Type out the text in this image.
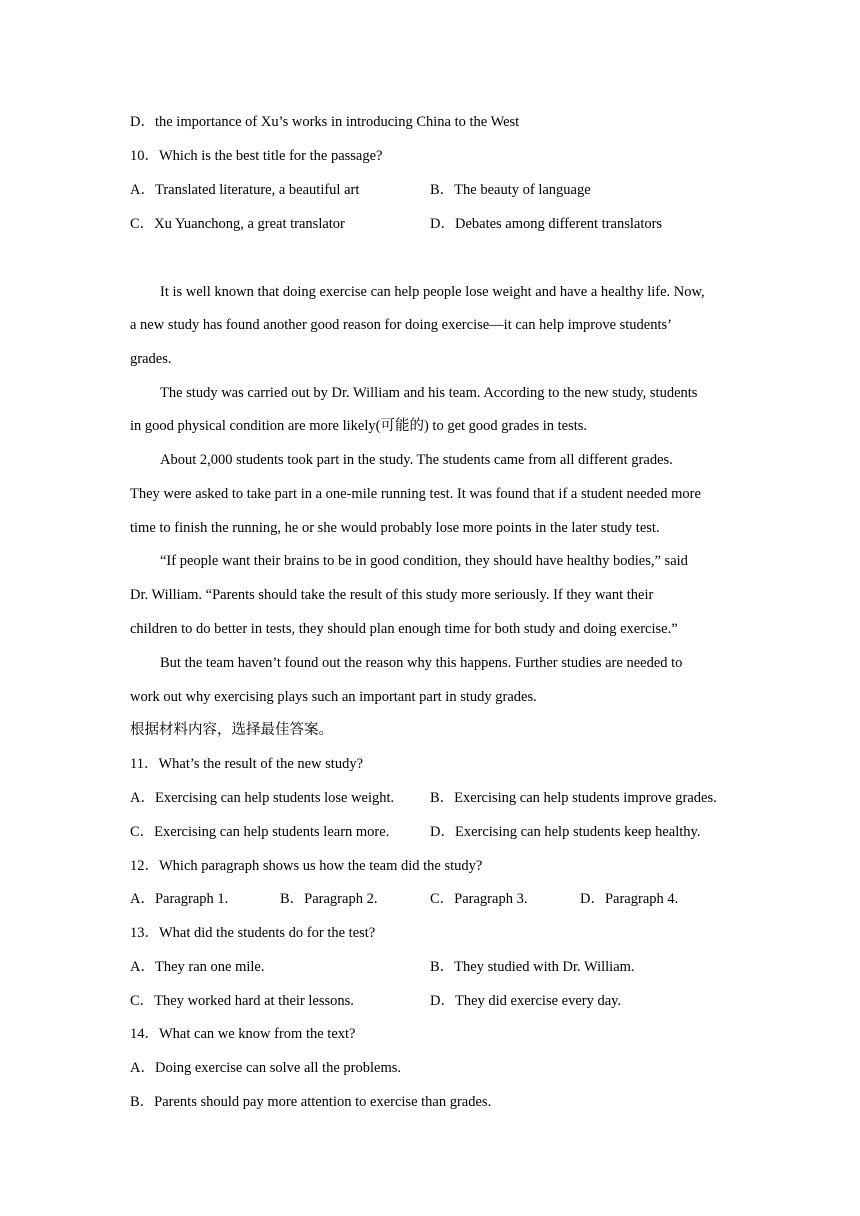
D．the importance of Xu’s works in introducing China to the West
10．Which is the best title for the passage?
A．Translated literature, a beautiful art	B．The beauty of language
C．Xu Yuanchong, a great translator	D．Debates among different translators
It is well known that doing exercise can help people lose weight and have a healthy life. Now,
a new study has found another good reason for doing exercise—it can help improve students’
grades.
The study was carried out by Dr. William and his team. According to the new study, students
in good physical condition are more likely(可能的) to get good grades in tests.
About 2,000 students took part in the study. The students came from all different grades.
They were asked to take part in a one-mile running test. It was found that if a student needed more
time to finish the running, he or she would probably lose more points in the later study test.
“If people want their brains to be in good condition, they should have healthy bodies,” said
Dr. William. “Parents should take the result of this study more seriously. If they want their
children to do better in tests, they should plan enough time for both study and doing exercise.”
But the team haven’t found out the reason why this happens. Further studies are needed to
work out why exercising plays such an important part in study grades.
根据材料内容，选择最佳答案。
11．What’s the result of the new study?
A．Exercising can help students lose weight. B．Exercising can help students improve grades.
C．Exercising can help students learn more.	D．Exercising can help students keep healthy.
12．Which paragraph shows us how the team did the study?
A．Paragraph 1.	B．Paragraph 2.	C．Paragraph 3.	D．Paragraph 4.
13．What did the students do for the test?
A．They ran one mile.	B．They studied with Dr. William.
C．They worked hard at their lessons.	D．They did exercise every day.
14．What can we know from the text?
A．Doing exercise can solve all the problems.
B．Parents should pay more attention to exercise than grades.
